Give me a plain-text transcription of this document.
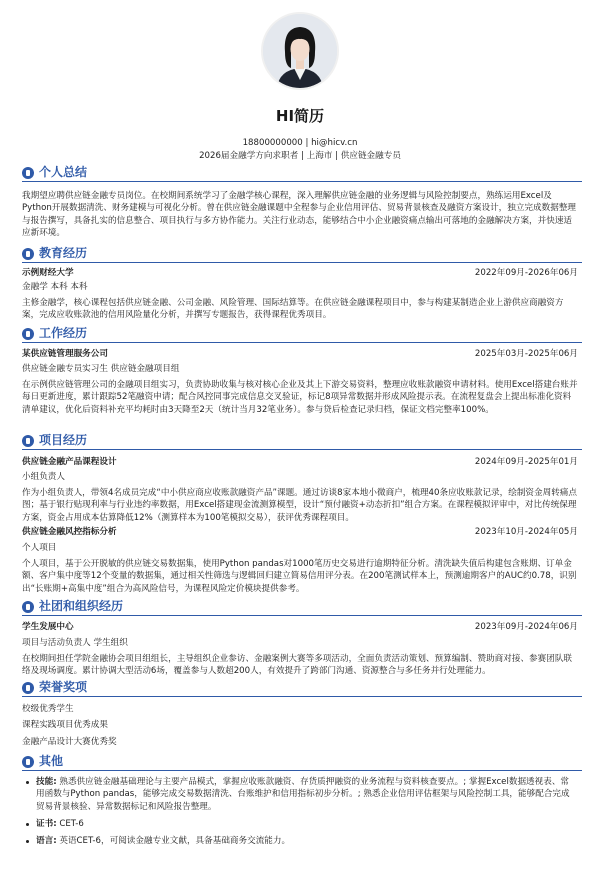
HI简历
18800000000 | hi@hicv.cn
2026届金融学方向求职者 | 上海市 | 供应链金融专员
个人总结
我期望应聘供应链金融专员岗位。在校期间系统学习了金融学核心课程，深入理解供应链金融的业务逻辑与风险控制要点，熟练运用Excel及Python开展数据清洗、财务建模与可视化分析。曾在供应链金融课题中全程参与企业信用评估、贸易背景核查及融资方案设计，独立完成数据整理与报告撰写，具备扎实的信息整合、项目执行与多方协作能力。关注行业动态，能够结合中小企业融资痛点输出可落地的金融解决方案，并快速适应新环境。
教育经历
示例财经大学	2022年09月-2026年06月
金融学 本科 本科
主修金融学，核心课程包括供应链金融、公司金融、风险管理、国际结算等。在供应链金融课程项目中，参与构建某制造企业上游供应商融资方案，完成应收账款池的信用风险量化分析，并撰写专题报告，获得课程优秀项目。
工作经历
某供应链管理服务公司	2025年03月-2025年06月
供应链金融专员实习生 供应链金融项目组
在示例供应链管理公司的金融项目组实习，负责协助收集与核对核心企业及其上下游交易资料，整理应收账款融资申请材料。使用Excel搭建台账并每日更新进度，累计跟踪52笔融资申请；配合风控同事完成信息交叉验证，标记8项异常数据并形成风险提示表。在流程复盘会上提出标准化资料清单建议，优化后资料补充平均耗时由3天降至2天（统计当月32笔业务）。参与贷后检查记录归档，保证文档完整率100%。
项目经历
供应链金融产品课程设计	2024年09月-2025年01月
小组负责人
作为小组负责人，带领4名成员完成“中小供应商应收账款融资产品”课题。通过访谈8家本地小微商户，梳理40条应收账款记录，绘制资金周转痛点图；基于银行贴现利率与行业违约率数据，用Excel搭建现金流测算模型，设计“预付融资+动态折扣”组合方案。在课程模拟评审中，对比传统保理方案，资金占用成本估算降低12%（测算样本为100笔模拟交易），获评优秀课程项目。
供应链金融风控指标分析	2023年10月-2024年05月
个人项目
个人项目，基于公开脱敏的供应链交易数据集，使用Python pandas对1000笔历史交易进行逾期特征分析。清洗缺失值后构建包含账期、订单金额、客户集中度等12个变量的数据集，通过相关性筛选与逻辑回归建立简易信用评分表。在200笔测试样本上，预测逾期客户的AUC约0.78，识别出“长账期+高集中度”组合为高风险信号，为课程风险定价模块提供参考。
社团和组织经历
学生发展中心	2023年09月-2024年06月
项目与活动负责人 学生组织
在校期间担任学院金融协会项目组组长，主导组织企业参访、金融案例大赛等多项活动，全面负责活动策划、预算编制、赞助商对接、参赛团队联络及现场调度。累计协调大型活动6场，覆盖参与人数超200人，有效提升了跨部门沟通、资源整合与多任务并行处理能力。
荣誉奖项
校级优秀学生
课程实践项目优秀成果
金融产品设计大赛优秀奖
其他
技能: 熟悉供应链金融基础理论与主要产品模式，掌握应收账款融资、存货质押融资的业务流程与资料核查要点。; 掌握Excel数据透视表、常用函数与Python pandas，能够完成交易数据清洗、台账维护和信用指标初步分析。; 熟悉企业信用评估框架与风险控制工具，能够配合完成贸易背景核验、异常数据标记和风险报告整理。
证书: CET-6
语言: 英语CET-6，可阅读金融专业文献，具备基础商务交流能力。
